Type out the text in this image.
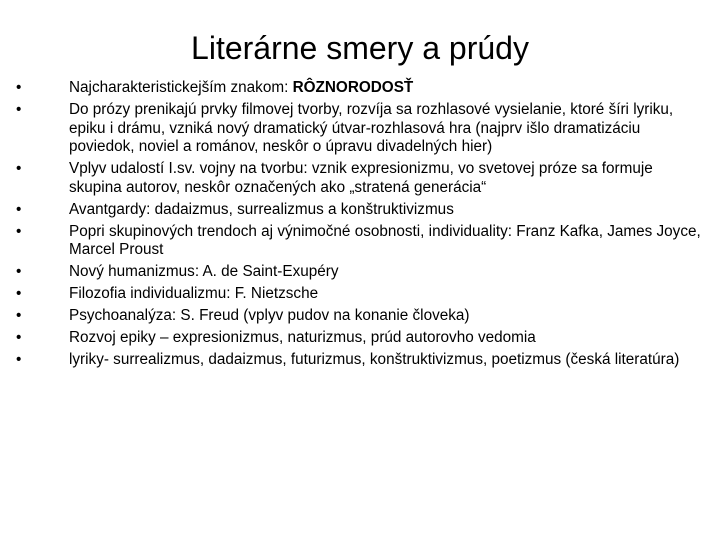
Literárne smery a prúdy
•	Najcharakteristickejším znakom: RÔZNORODOSŤ
•	Do prózy prenikajú prvky filmovej tvorby, rozvíja sa rozhlasové vysielanie, ktoré šíri lyriku, epiku i drámu, vzniká nový dramatický útvar-rozhlasová hra (najprv išlo dramatizáciu poviedok, noviel a románov, neskôr o úpravu divadelných hier)
•	Vplyv udalostí I.sv. vojny na tvorbu: vznik expresionizmu, vo svetovej próze sa formuje skupina autorov, neskôr označených ako „stratená generácia“
•	Avantgardy: dadaizmus, surrealizmus a konštruktivizmus
•	Popri skupinových trendoch aj výnimočné osobnosti, individuality: Franz Kafka, James Joyce, Marcel Proust
•	Nový humanizmus: A. de Saint-Exupéry
•	Filozofia individualizmu: F. Nietzsche
•	Psychoanalýza: S. Freud (vplyv pudov na konanie človeka)
•	Rozvoj epiky – expresionizmus, naturizmus, prúd autorovho vedomia
•	lyriky- surrealizmus, dadaizmus, futurizmus, konštruktivizmus, poetizmus (česká literatúra)
